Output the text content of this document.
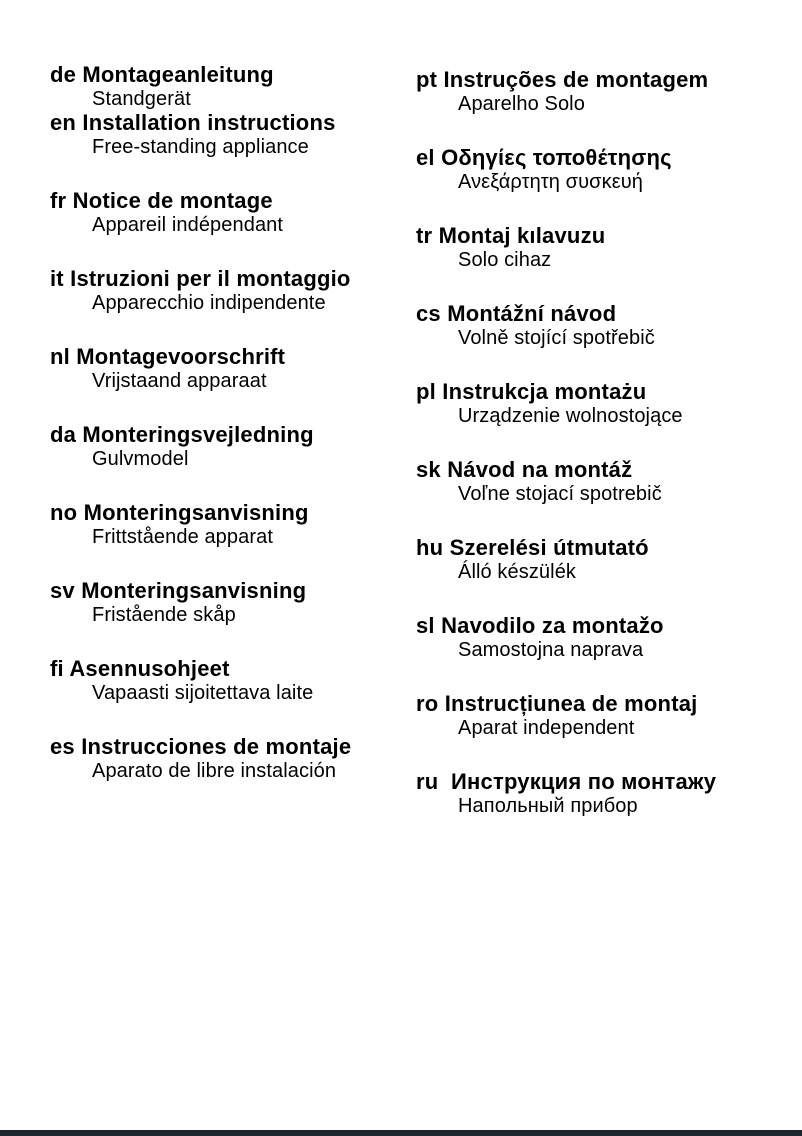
de Montageanleitung
Standgerät
en Installation instructions
Free-standing appliance
fr Notice de montage
Appareil indépendant
it Istruzioni per il montaggio
Apparecchio indipendente
nl Montagevoorschrift
Vrijstaand apparaat
da Monteringsvejledning
Gulvmodel
no Monteringsanvisning
Frittstående apparat
sv Monteringsanvisning
Fristående skåp
fi Asennusohjeet
Vapaasti sijoitettava laite
es Instrucciones de montaje
Aparato de libre instalación
pt Instruções de montagem
Aparelho Solo
el Οδηγίες τοποθέτησης
Ανεξάρτητη συσκευή
tr Montaj kılavuzu
Solo cihaz
cs Montážní návod
Volně stojící spotřebič
pl Instrukcja montażu
Urządzenie wolnostojące
sk Návod na montáž
Voľne stojací spotrebič
hu Szerelési útmutató
Álló készülék
sl Navodilo za montažo
Samostojna naprava
ro Instrucțiunea de montaj
Aparat independent
ru Инструкция по монтажу
Напольный прибор
